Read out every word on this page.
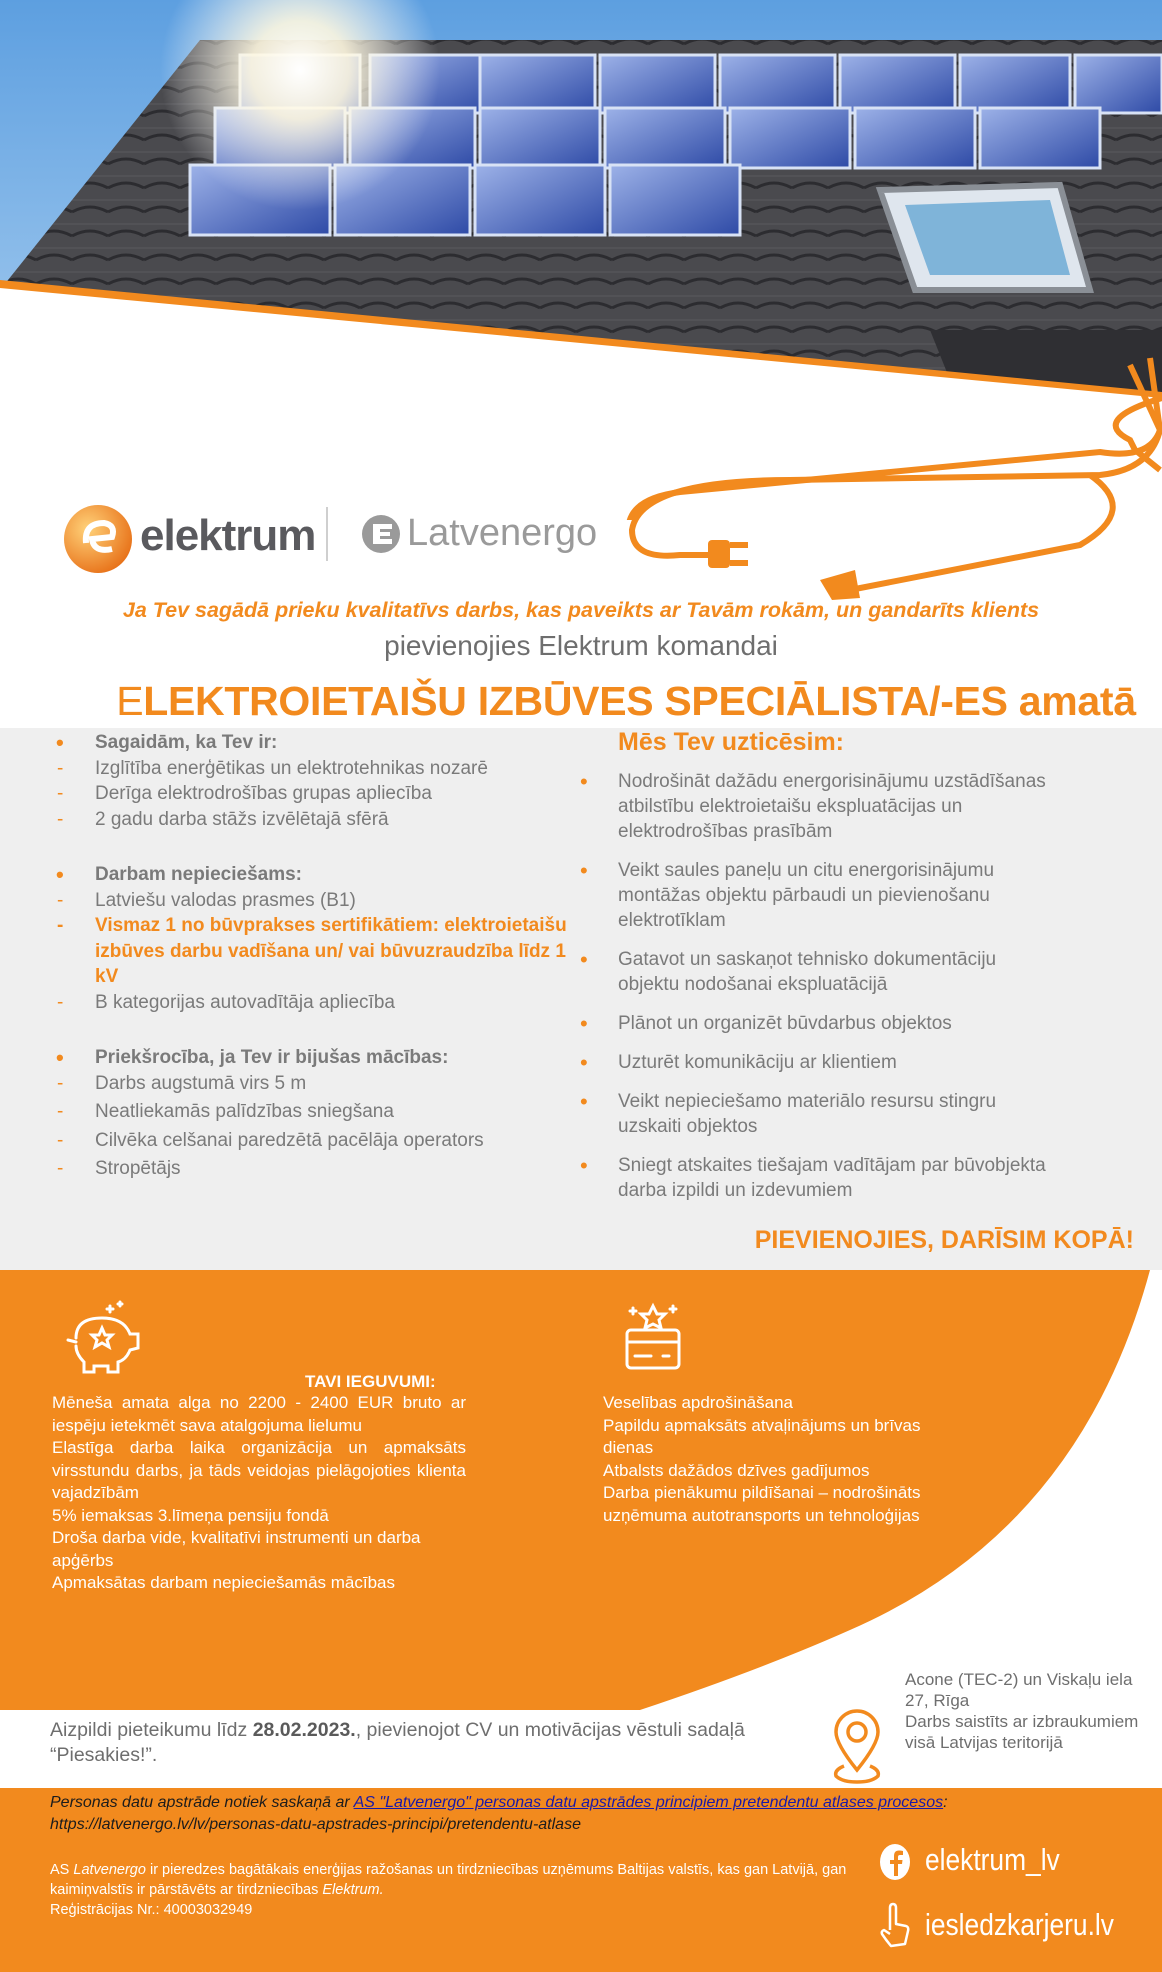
elektrum Latvenergo
Ja Tev sagādā prieku kvalitatīvs darbs, kas paveikts ar Tavām rokām, un gandarīts klients
pievienojies Elektrum komandai
ELEKTROIETAIŠU IZBŪVES SPECIĀLISTA/-ES amatā
• Sagaidām, ka Tev ir:
- Izglītība enerģētikas un elektrotehnikas nozarē
- Derīga elektrodrošības grupas apliecība
- 2 gadu darba stāžs izvēlētajā sfērā
• Darbam nepieciešams:
- Latviešu valodas prasmes (B1)
- Vismaz 1 no būvprakses sertifikātiem: elektroietaišu izbūves darbu vadīšana un/ vai būvuzraudzība līdz 1 kV
- B kategorijas autovadītāja apliecība
• Priekšrocība, ja Tev ir bijušas mācības:
- Darbs augstumā virs 5 m
- Neatliekamās palīdzības sniegšana
- Cilvēka celšanai paredzētā pacēlāja operators
- Stropētājs
Mēs Tev uzticēsim:
• Nodrošināt dažādu energorisinājumu uzstādīšanas atbilstību elektroietaišu ekspluatācijas un elektrodrošības prasībām
• Veikt saules paneļu un citu energorisinājumu montāžas objektu pārbaudi un pievienošanu elektrotīklam
• Gatavot un saskaņot tehnisko dokumentāciju objektu nodošanai ekspluatācijā
• Plānot un organizēt būvdarbus objektos
• Uzturēt komunikāciju ar klientiem
• Veikt nepieciešamo materiālo resursu stingru uzskaiti objektos
• Sniegt atskaites tiešajam vadītājam par būvobjekta darba izpildi un izdevumiem
PIEVIENOJIES, DARĪSIM KOPĀ!
TAVI IEGUVUMI:
Mēneša amata alga no 2200 - 2400 EUR bruto ar iespēju ietekmēt sava atalgojuma lielumu
Elastīga darba laika organizācija un apmaksāts virsstundu darbs, ja tāds veidojas pielāgojoties klienta vajadzībām
5% iemaksas 3.līmeņa pensiju fondā
Droša darba vide, kvalitatīvi instrumenti un darba apģērbs
Apmaksātas darbam nepieciešamās mācības
Veselības apdrošināšana
Papildu apmaksāts atvaļinājums un brīvas dienas
Atbalsts dažādos dzīves gadījumos
Darba pienākumu pildīšanai – nodrošināts uzņēmuma autotransports un tehnoloģijas
Aizpildi pieteikumu līdz 28.02.2023., pievienojot CV un motivācijas vēstuli sadaļā “Piesakies!”.
Acone (TEC-2) un Viskaļu iela 27, Rīga
Darbs saistīts ar izbraukumiem visā Latvijas teritorijā
Personas datu apstrāde notiek saskaņā ar AS "Latvenergo" personas datu apstrādes principiem pretendentu atlases procesos:
https://latvenergo.lv/lv/personas-datu-apstrades-principi/pretendentu-atlase
AS Latvenergo ir pieredzes bagātākais enerģijas ražošanas un tirdzniecības uzņēmums Baltijas valstīs, kas gan Latvijā, gan kaimiņvalstīs ir pārstāvēts ar tirdzniecības Elektrum.
Reģistrācijas Nr.: 40003032949
elektrum_lv
iesledzkarjeru.lv
